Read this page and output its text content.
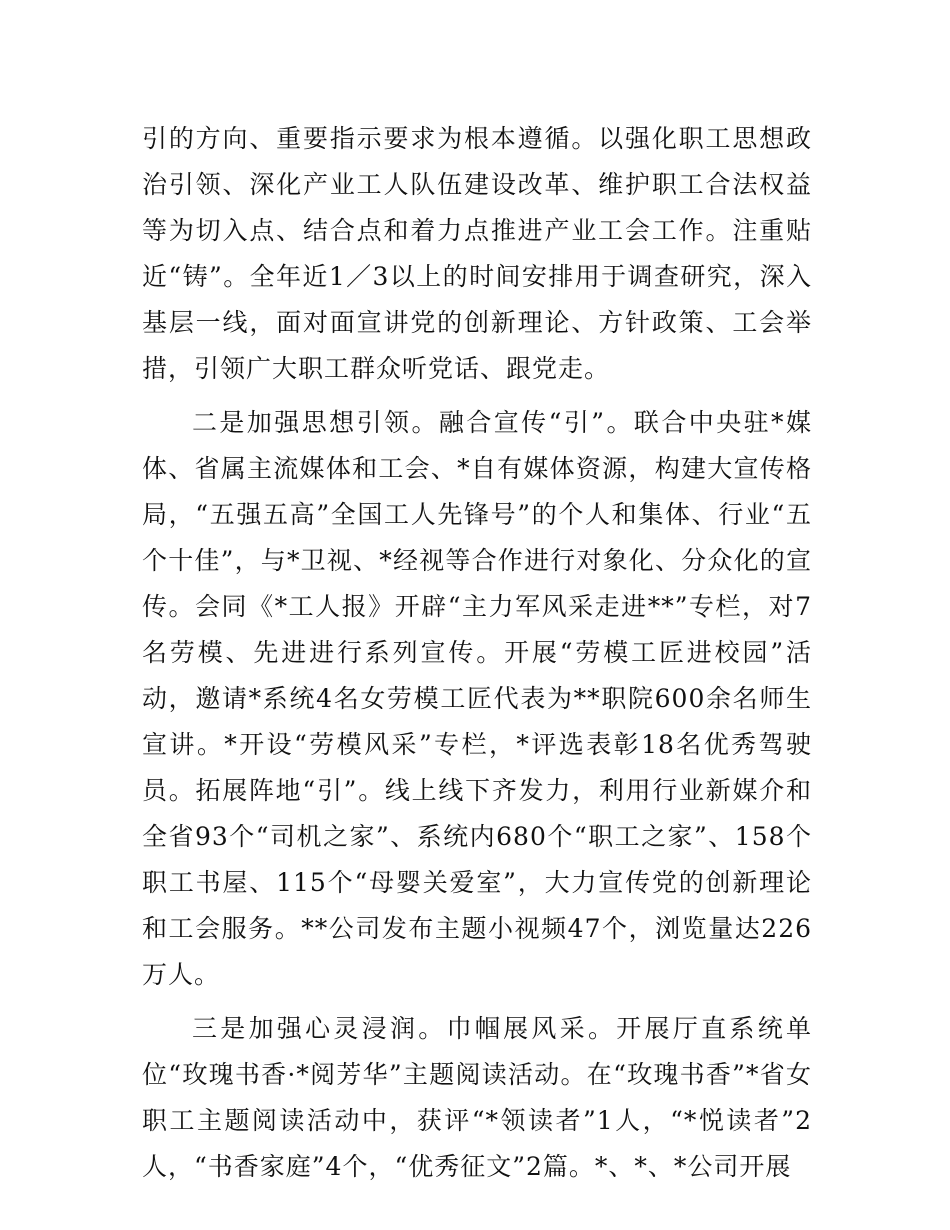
引的方向、重要指示要求为根本遵循。以强化职工思想政治引领、深化产业工人队伍建设改革、维护职工合法权益等为切入点、结合点和着力点推进产业工会工作。注重贴近“铸”。全年近1／3以上的时间安排用于调查研究，深入基层一线，面对面宣讲党的创新理论、方针政策、工会举措，引领广大职工群众听党话、跟党走。

二是加强思想引领。融合宣传“引”。联合中央驻*媒体、省属主流媒体和工会、*自有媒体资源，构建大宣传格局，“五强五高”全国工人先锋号”的个人和集体、行业“五个十佳”，与*卫视、*经视等合作进行对象化、分众化的宣传。会同《*工人报》开辟“主力军风采走进**”专栏，对7名劳模、先进进行系列宣传。开展“劳模工匠进校园”活动，邀请*系统4名女劳模工匠代表为**职院600余名师生宣讲。*开设“劳模风采”专栏，*评选表彰18名优秀驾驶员。拓展阵地“引”。线上线下齐发力，利用行业新媒介和全省93个“司机之家”、系统内680个“职工之家”、158个职工书屋、115个“母婴关爱室”，大力宣传党的创新理论和工会服务。**公司发布主题小视频47个，浏览量达226万人。

三是加强心灵浸润。巾帼展风采。开展厅直系统单位“玫瑰书香·*阅芳华”主题阅读活动。在“玫瑰书香”*省女职工主题阅读活动中，获评“*领读者”1人，“*悦读者”2人，“书香家庭”4个，“优秀征文”2篇。*、*、*公司开展
